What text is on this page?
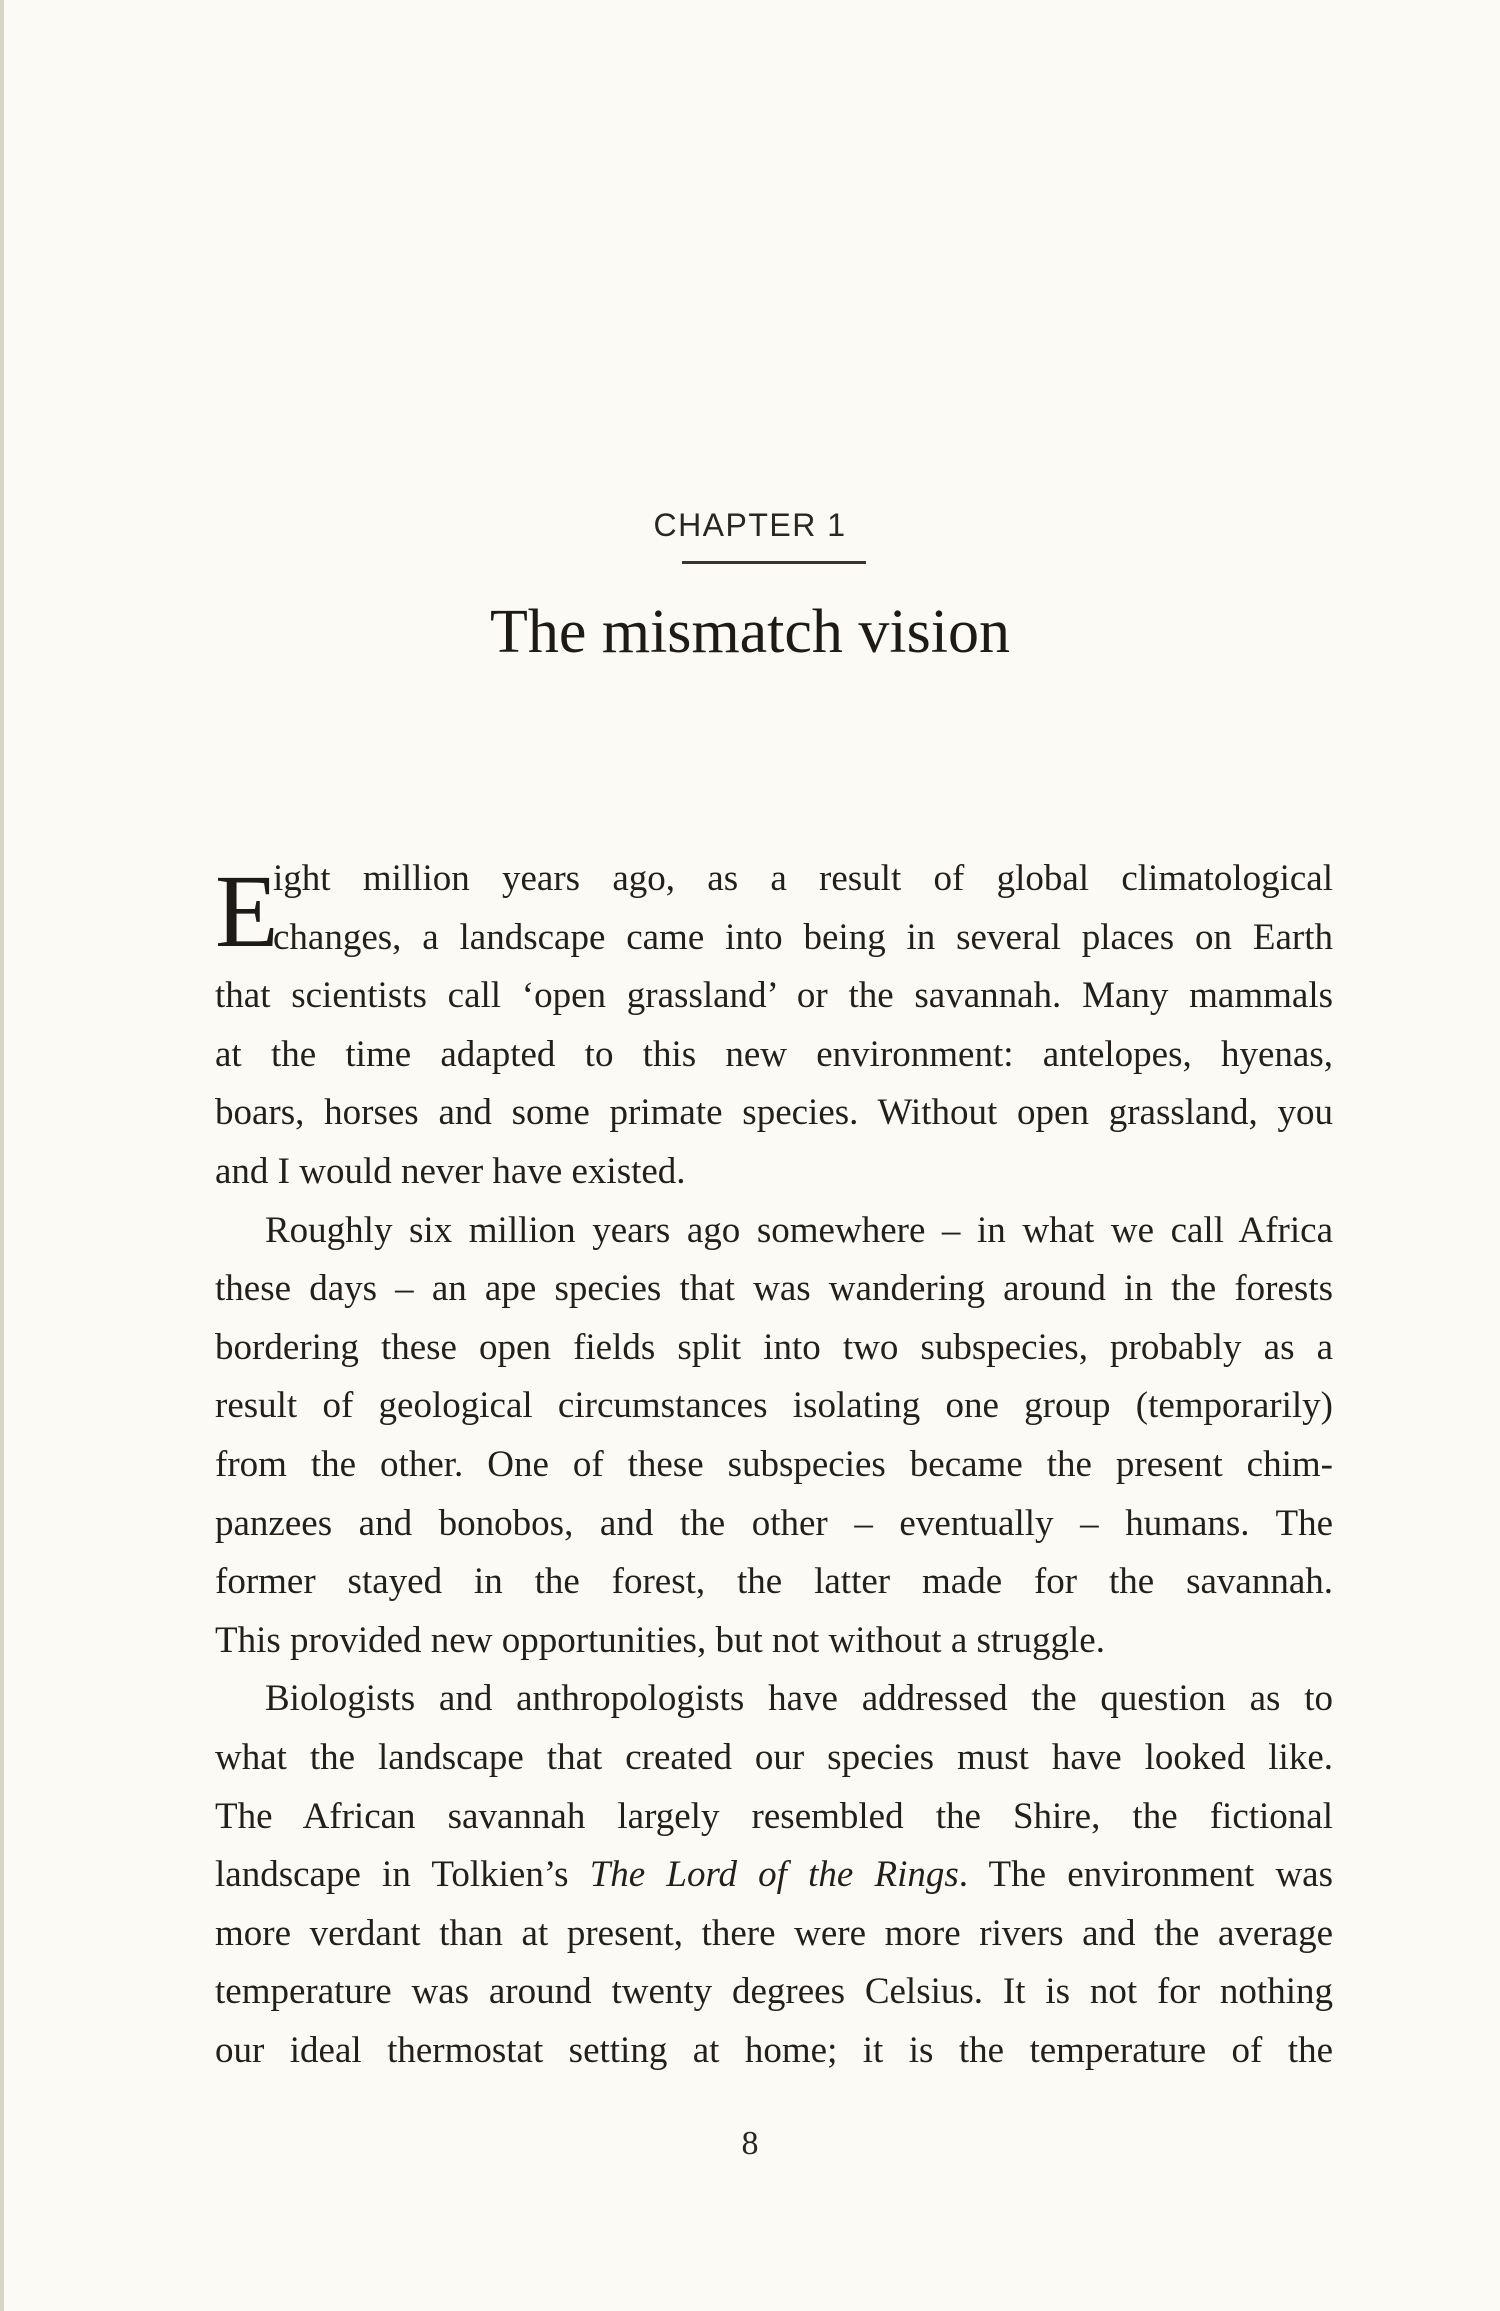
CHAPTER 1
The mismatch vision
E
ight million years ago, as a result of global climatological
changes, a landscape came into being in several places on Earth
that scientists call ‘open grassland’ or the savannah. Many mammals
at the time adapted to this new environment: antelopes, hyenas,
boars, horses and some primate species. Without open grassland, you
and I would never have existed.
Roughly six million years ago somewhere – in what we call Africa
these days – an ape species that was wandering around in the forests
bordering these open fields split into two subspecies, probably as a
result of geological circumstances isolating one group (temporarily)
from the other. One of these subspecies became the present chim-
panzees and bonobos, and the other – eventually – humans. The
former stayed in the forest, the latter made for the savannah.
This provided new opportunities, but not without a struggle.
Biologists and anthropologists have addressed the question as to
what the landscape that created our species must have looked like.
The African savannah largely resembled the Shire, the fictional
landscape in Tolkien’s The Lord of the Rings. The environment was
more verdant than at present, there were more rivers and the average
temperature was around twenty degrees Celsius. It is not for nothing
our ideal thermostat setting at home; it is the temperature of the
8
